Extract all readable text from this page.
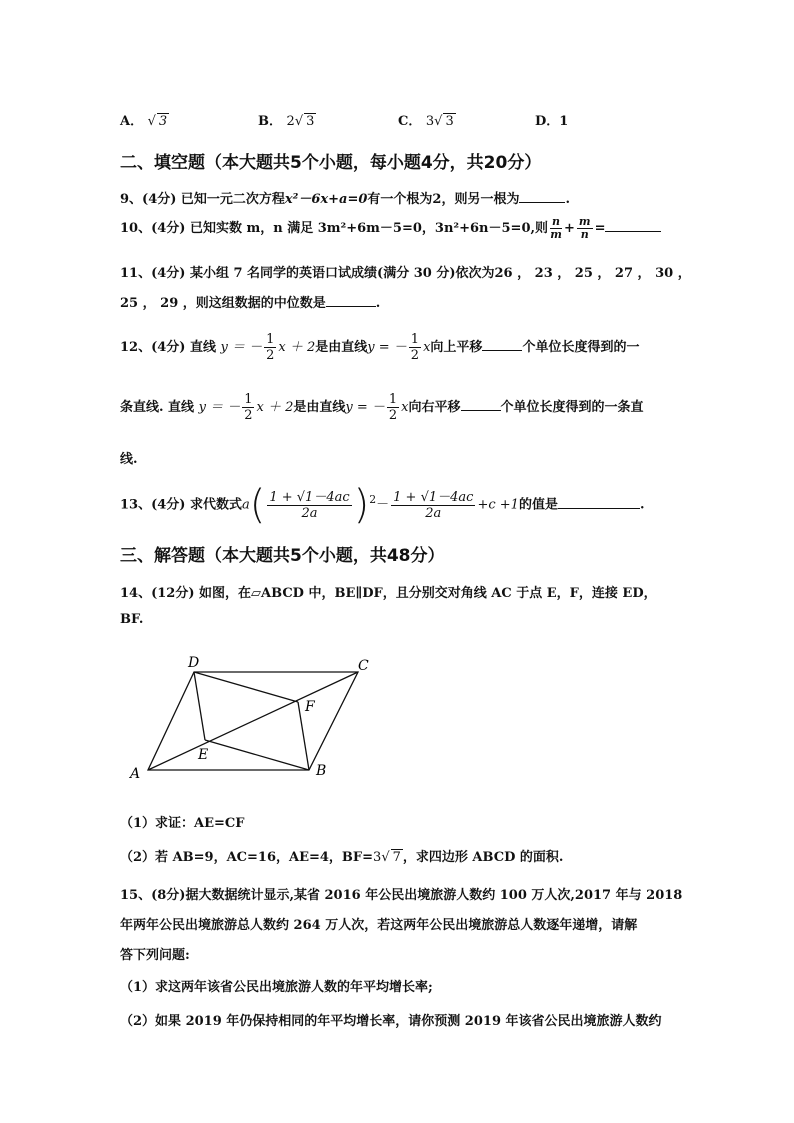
A． √ 3	B． 2√ 3	C． 3√ 3	D．1
二、填空题（本大题共5个小题，每小题4分，共20分）
9、(4分) 已知一元二次方程x²－6x+a=0有一个根为2，则另一根为	.
10、(4分) 已知实数 m，n 满足 3m²+6m－5=0，3n²+6n－5=0,则 $\frac{n}{m} + \frac{m}{n}$ =
11、(4分) 某小组 7 名同学的英语口试成绩(满分 30 分)依次为26 ， 23 ， 25 ， 27 ， 30 ，
25 ， 29 ，则这组数据的中位数是	.
12、(4分) 直线 y ＝ － $\frac{1}{2}$ x ＋ 2是由直线y = － $\frac{1}{2}$ x向上平移	个单位长度得到的一
条直线. 直线 y ＝ － $\frac{1}{2}$ x ＋ 2是由直线y = － $\frac{1}{2}$ x向右平移	个单位长度得到的一条直
线.
13、(4分) 求代数式$a( \frac{1 + √1-4ac}{2a} )^2- \frac{1 + √1-4ac}{2a} +c +1$的值是	.
三、解答题（本大题共5个小题，共48分）
14、(12分) 如图，在▱ABCD 中，BE∥DF，且分别交对角线 AC 于点 E，F，连接 ED，
BF.
A	B
C
D
E
F
（1）求证：AE=CF
（2）若 AB=9，AC=16，AE=4，BF=3√ 7 ，求四边形 ABCD 的面积.
15、(8分)据大数据统计显示,某省 2016 年公民出境旅游人数约 100 万人次,2017 年与 2018
年两年公民出境旅游总人数约 264 万人次，若这两年公民出境旅游总人数逐年递增，请解
答下列问题:
（1）求这两年该省公民出境旅游人数的年平均增长率;
（2）如果 2019 年仍保持相同的年平均增长率，请你预测 2019 年该省公民出境旅游人数约
